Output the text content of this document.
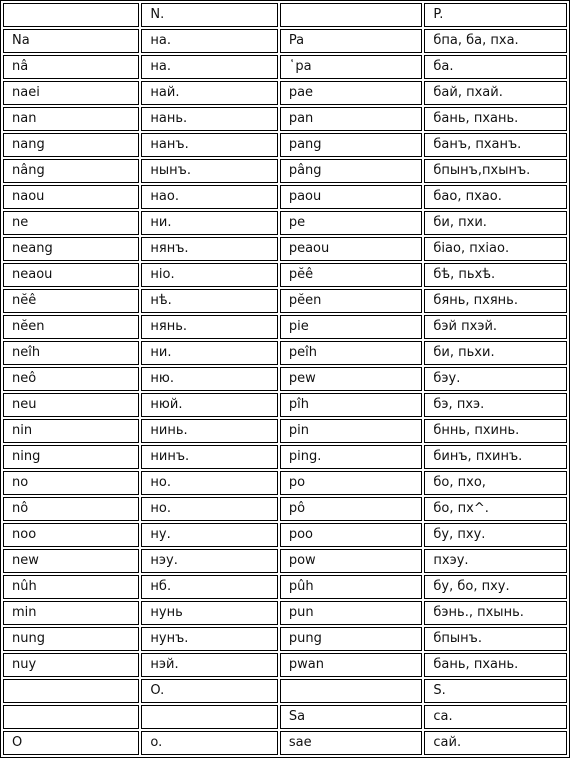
	N.		P.
Na	на.	Pa	бпа, ба, пха.
nâ	на.	῾pa	ба.
naei	най.	pae	бай, пхай.
nan	нань.	pan	бань, пхань.
nang	нанъ.	pang	банъ, пханъ.
nâng	нынъ.	pâng	бпынъ,пхынъ.
naou	нао.	paou	бао, пхао.
ne	ни.	pe	би, пхи.
neang	нянъ.	peaou	бiао, пхiао.
neaou	нiо.	pĕê	бѣ, пьхѣ.
nĕê	нѣ.	pĕen	бянь, пхянь.
nĕen	нянь.	pie	бэй пхэй.
neîh	ни.	peîh	би, пьхи.
neô	ню.	pew	бэу.
neu	нюй.	pîh	бэ, пхэ.
nin	нинь.	pin	бннь, пхинь.
ning	нинъ.	ping.	бинъ, пхинъ.
no	но.	po	бо, пхо,
nô	но.	pô	бо, пх^.
noo	ну.	poo	бу, пху.
new	нэу.	pow	пхэу.
nûh	нб.	pûh	бу, бо, пху.
min	нунь	pun	бэнь., пхынь.
nung	нунъ.	pung	бпынъ.
nuy	нэй.	pwan	бань, пхань.
	O.		S.
		Sa	са.
O	o.	sae	сай.
